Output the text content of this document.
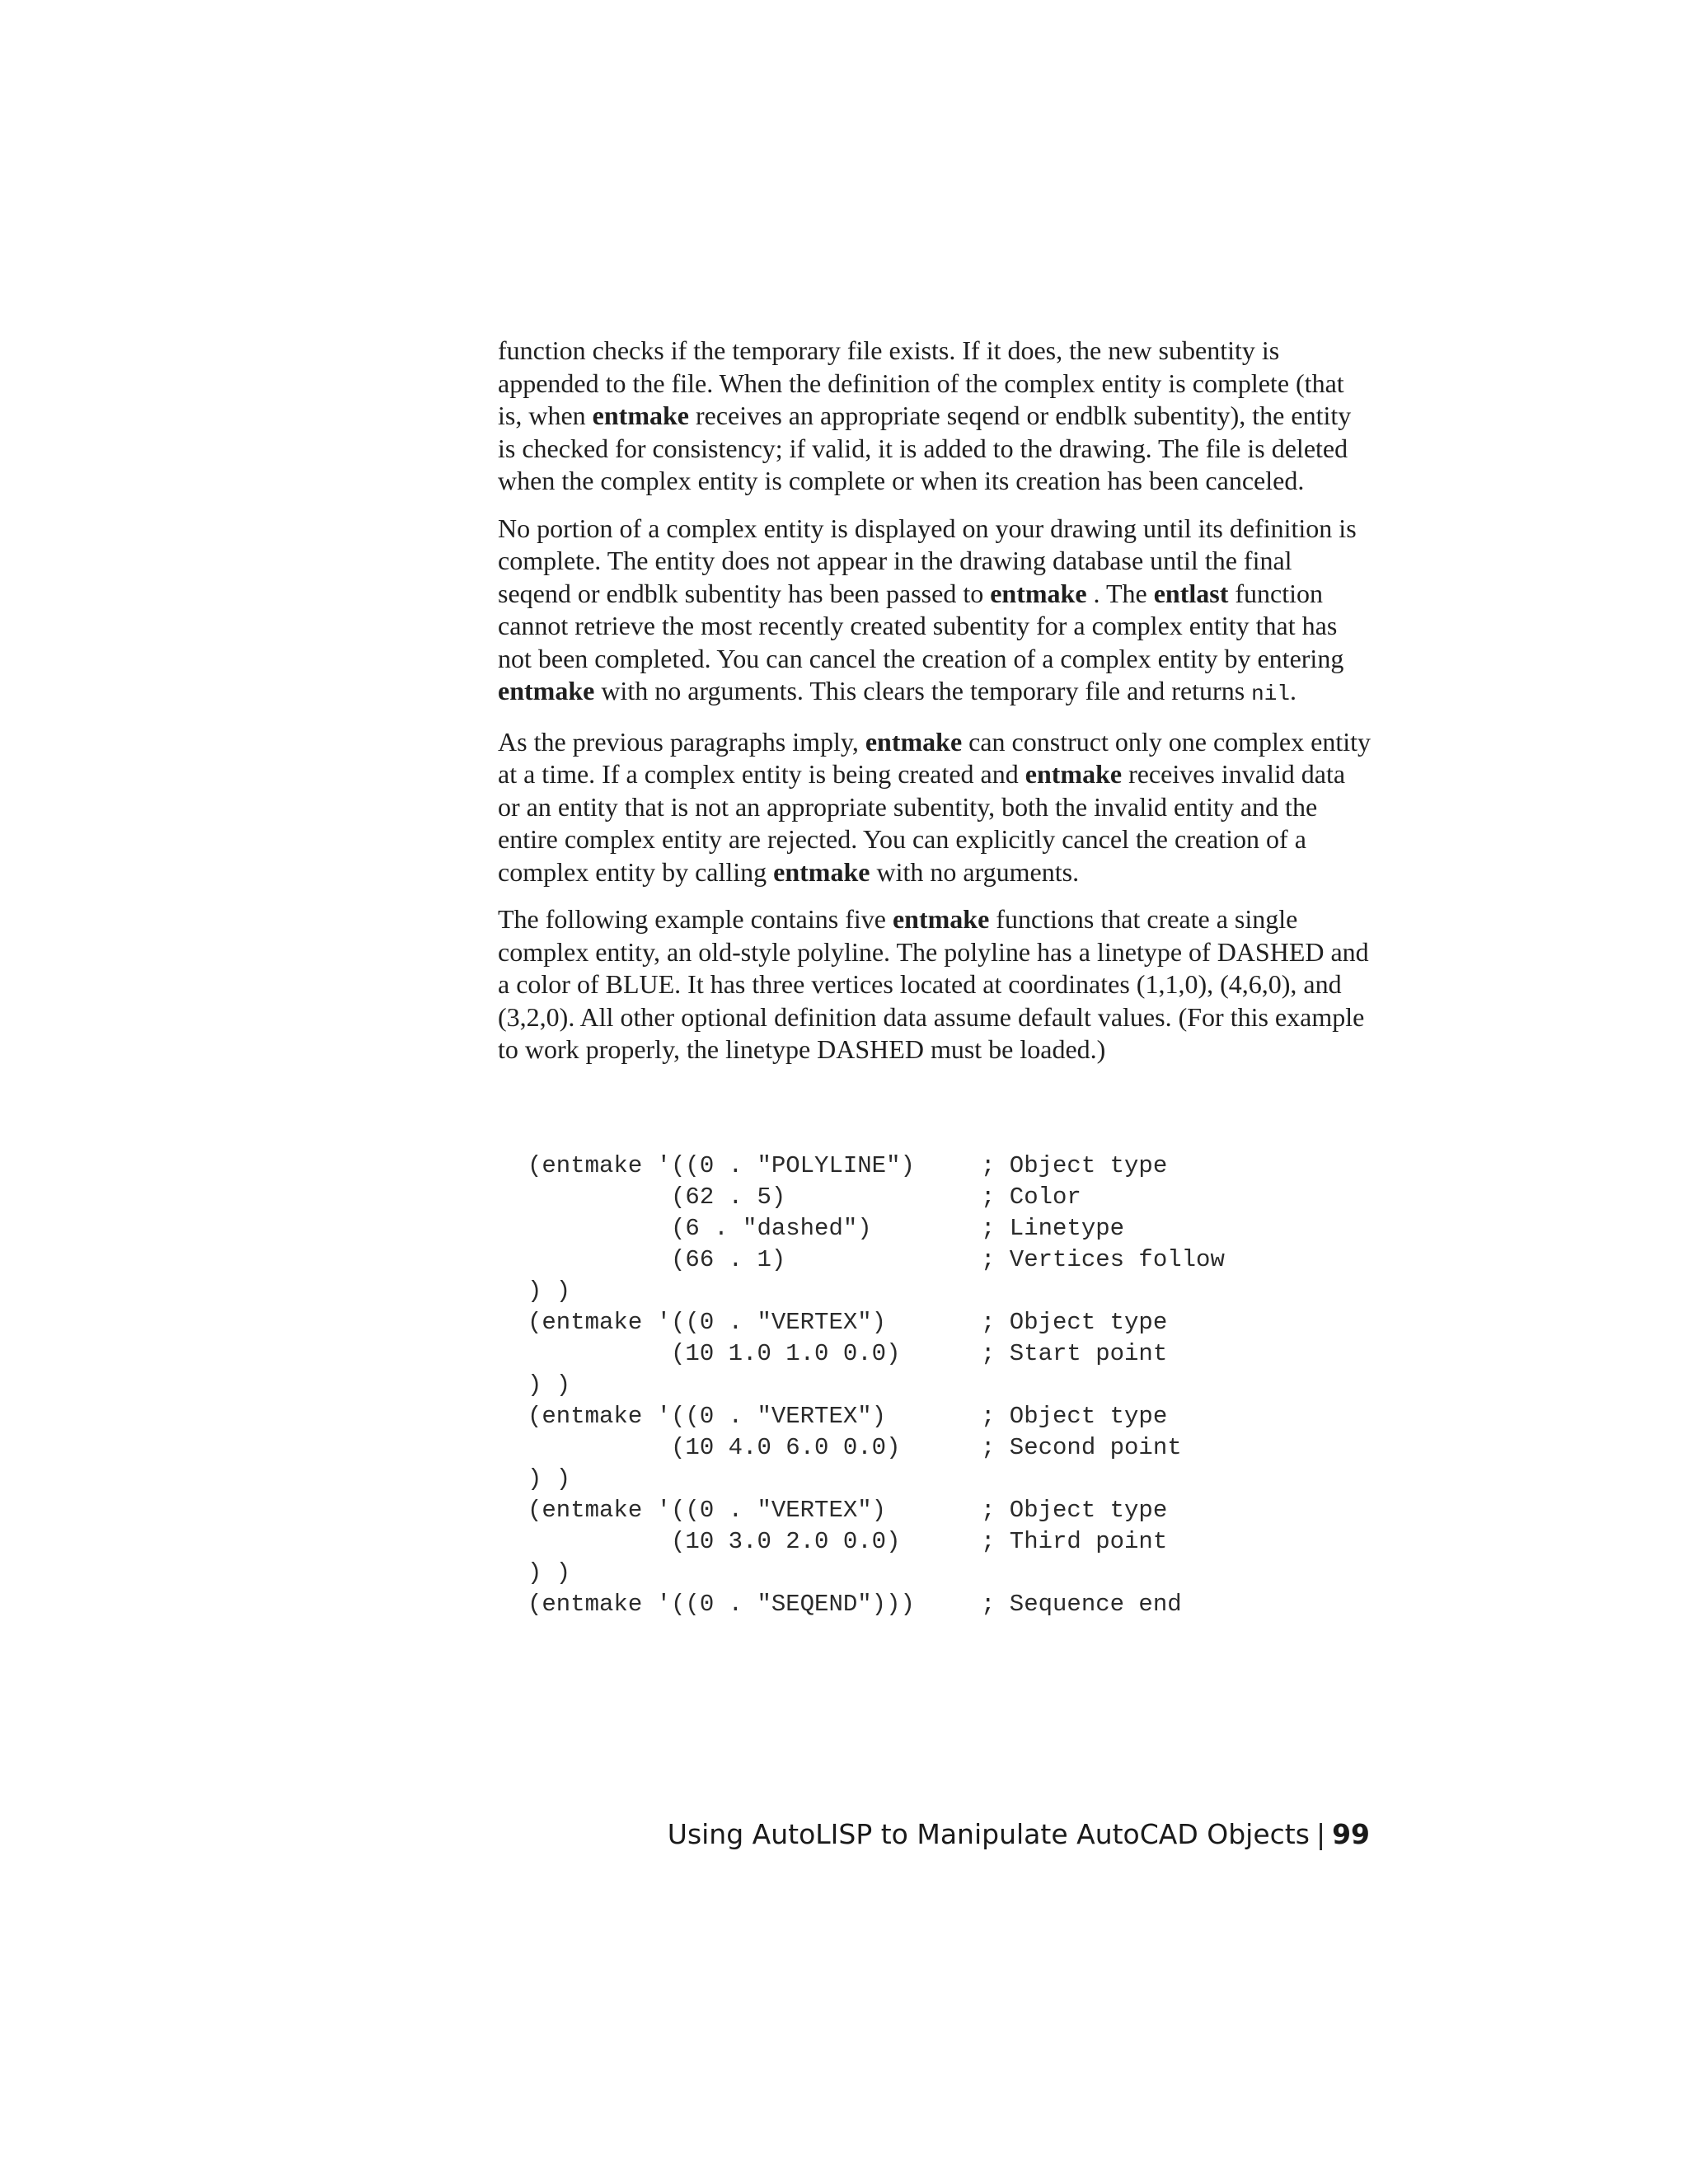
function checks if the temporary file exists. If it does, the new subentity is appended to the file. When the definition of the complex entity is complete (that is, when entmake receives an appropriate seqend or endblk subentity), the entity is checked for consistency; if valid, it is added to the drawing. The file is deleted when the complex entity is complete or when its creation has been canceled.

No portion of a complex entity is displayed on your drawing until its definition is complete. The entity does not appear in the drawing database until the final seqend or endblk subentity has been passed to entmake . The entlast function cannot retrieve the most recently created subentity for a complex entity that has not been completed. You can cancel the creation of a complex entity by entering entmake with no arguments. This clears the temporary file and returns nil.

As the previous paragraphs imply, entmake can construct only one complex entity at a time. If a complex entity is being created and entmake receives invalid data or an entity that is not an appropriate subentity, both the invalid entity and the entire complex entity are rejected. You can explicitly cancel the creation of a complex entity by calling entmake with no arguments.

The following example contains five entmake functions that create a single complex entity, an old-style polyline. The polyline has a linetype of DASHED and a color of BLUE. It has three vertices located at coordinates (1,1,0), (4,6,0), and (3,2,0). All other optional definition data assume default values. (For this example to work properly, the linetype DASHED must be loaded.)

(entmake '((0 . "POLYLINE")	; Object type
(62 . 5)	; Color
(6 . "dashed")	; Linetype
(66 . 1)	; Vertices follow
) )
(entmake '((0 . "VERTEX")	; Object type
(10 1.0 1.0 0.0)	; Start point
) )
(entmake '((0 . "VERTEX")	; Object type
(10 4.0 6.0 0.0)	; Second point
) )
(entmake '((0 . "VERTEX")	; Object type
(10 3.0 2.0 0.0)	; Third point
) )
(entmake '((0 . "SEQEND")))	; Sequence end
Using AutoLISP to Manipulate AutoCAD Objects | 99
